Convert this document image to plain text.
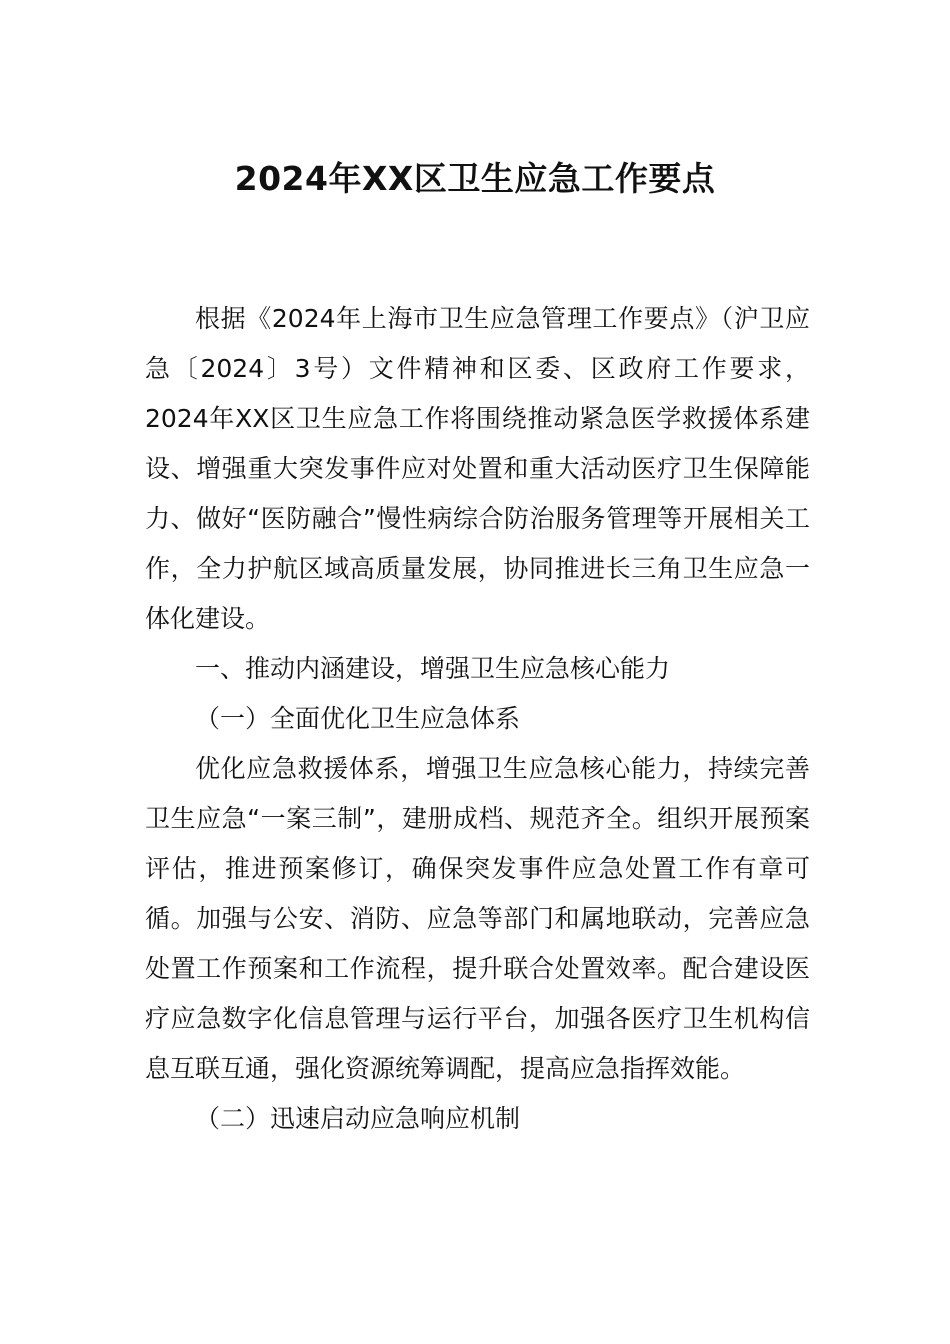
2024年XX区卫生应急工作要点

根据《2024年上海市卫生应急管理工作要点》（沪卫应急〔2024〕3号）文件精神和区委、区政府工作要求，2024年XX区卫生应急工作将围绕推动紧急医学救援体系建设、增强重大突发事件应对处置和重大活动医疗卫生保障能力、做好“医防融合”慢性病综合防治服务管理等开展相关工作，全力护航区域高质量发展，协同推进长三角卫生应急一体化建设。

一、推动内涵建设，增强卫生应急核心能力

（一）全面优化卫生应急体系

优化应急救援体系，增强卫生应急核心能力，持续完善卫生应急“一案三制”，建册成档、规范齐全。组织开展预案评估，推进预案修订，确保突发事件应急处置工作有章可循。加强与公安、消防、应急等部门和属地联动，完善应急处置工作预案和工作流程，提升联合处置效率。配合建设医疗应急数字化信息管理与运行平台，加强各医疗卫生机构信息互联互通，强化资源统筹调配，提高应急指挥效能。

（二）迅速启动应急响应机制
